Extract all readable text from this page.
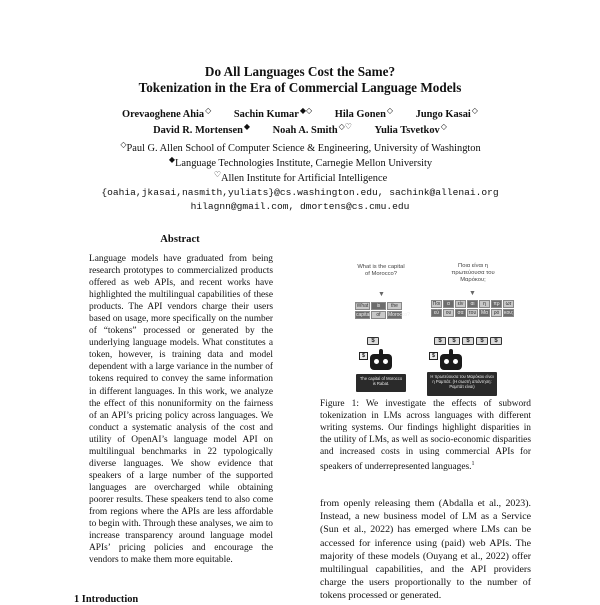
Do All Languages Cost the Same?
Tokenization in the Era of Commercial Language Models
Orevaoghene Ahia◇ Sachin Kumar◆◇ Hila Gonen◇ Jungo Kasai◇
David R. Mortensen◆ Noah A. Smith◇♡ Yulia Tsvetkov◇
◇Paul G. Allen School of Computer Science & Engineering, University of Washington
◆Language Technologies Institute, Carnegie Mellon University
♡Allen Institute for Artificial Intelligence
{oahia,jkasai,nasmith,yuliats}@cs.washington.edu, sachink@allenai.org
hilagnn@gmail.com, dmortens@cs.cmu.edu
Abstract

Language models have graduated from being research prototypes to commercialized products offered as web APIs, and recent works have highlighted the multilingual capabilities of these products. The API vendors charge their users based on usage, more specifically on the number of “tokens” processed or generated by the underlying language models. What constitutes a token, however, is training data and model dependent with a large variance in the number of tokens required to convey the same information in different languages. In this work, we analyze the effect of this nonuniformity on the fairness of an API’s pricing policy across languages. We conduct a systematic analysis of the cost and utility of OpenAI’s language model API on multilingual benchmarks in 22 typologically diverse languages. We show evidence that speakers of a large number of the supported languages are overcharged while obtaining poorer results. These speakers tend to also come from regions where the APIs are less affordable to begin with. Through these analyses, we aim to increase transparency around language model APIs’ pricing policies and encourage the vendors to make them more equitable.

1 Introduction
What is the capital of Morocco?
Ποια είναι η πρωτεύουσα του Μαρόκου;
▼	▼
What	is	the
capital	of	Morocco?
Ποι	α	είν	αι	η	πρ	ωτ
εύ	ου	σα	του Μα	ρό κου;
$	$	$	$	$	$
$	$
The capital of Morocco is Rabat.
Η πρωτεύουσα του Μαρόκου είναι η Ραμπάτ. (Η σωστή απάντηση: Ραμπάτ είναι)

Figure 1: We investigate the effects of subword tokenization in LMs across languages with different writing systems. Our findings highlight disparities in the utility of LMs, as well as socio-economic disparities and increased costs in using commercial APIs for speakers of underrepresented languages.$^1$

from openly releasing them (Abdalla et al., 2023). Instead, a new business model of LM as a Service (Sun et al., 2022) has emerged where LMs can be accessed for inference using (paid) web APIs. The majority of these models (Ouyang et al., 2022) offer multilingual capabilities, and the API providers charge the users proportionally to the number of tokens processed or generated.
